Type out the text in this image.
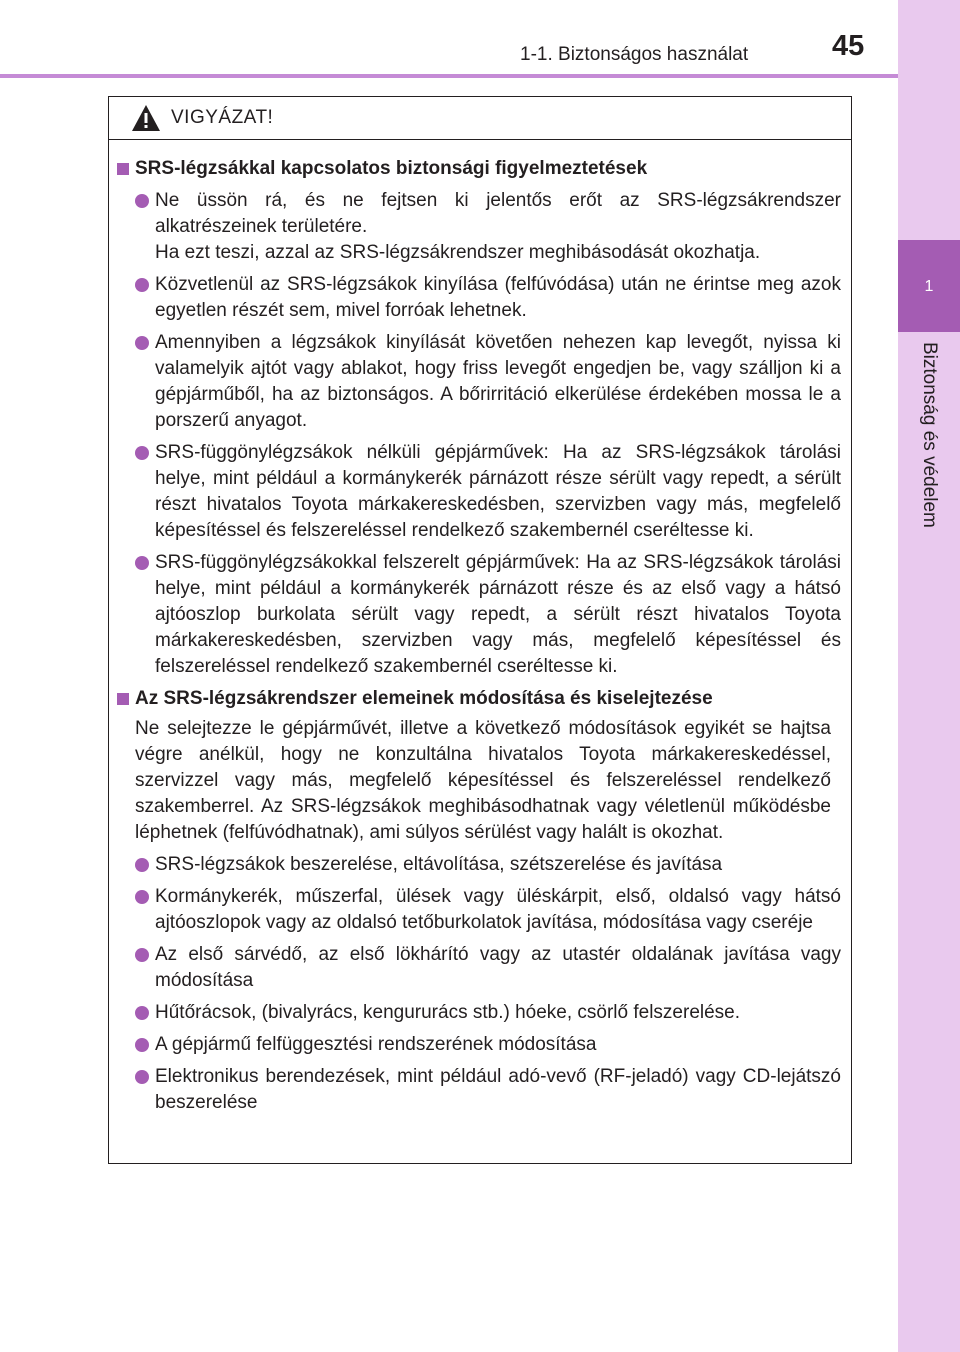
1-1. Biztonságos használat	45
1
Biztonság és védelem
VIGYÁZAT!
SRS-légzsákkal kapcsolatos biztonsági figyelmeztetések

Ne üssön rá, és ne fejtsen ki jelentős erőt az SRS-légzsákrendszer alkatrészeinek területére.

Ha ezt teszi, azzal az SRS-légzsákrendszer meghibásodását okozhatja.

Közvetlenül az SRS-légzsákok kinyílása (felfúvódása) után ne érintse meg azok egyetlen részét sem, mivel forróak lehetnek.

Amennyiben a légzsákok kinyílását követően nehezen kap levegőt, nyissa ki valamelyik ajtót vagy ablakot, hogy friss levegőt engedjen be, vagy szálljon ki a gépjárműből, ha az biztonságos. A bőrirritáció elkerülése érdekében mossa le a porszerű anyagot.

SRS-függönylégzsákok nélküli gépjárművek: Ha az SRS-légzsákok tárolási helye, mint például a kormánykerék párnázott része sérült vagy repedt, a sérült részt hivatalos Toyota márkakereskedésben, szervizben vagy más, megfelelő képesítéssel és felszereléssel rendelkező szakembernél cseréltesse ki.

SRS-függönylégzsákokkal felszerelt gépjárművek: Ha az SRS-légzsákok tárolási helye, mint például a kormánykerék párnázott része és az első vagy a hátsó ajtóoszlop burkolata sérült vagy repedt, a sérült részt hivatalos Toyota márkakereskedésben, szervizben vagy más, megfelelő képesítéssel és felszereléssel rendelkező szakembernél cseréltesse ki.

Az SRS-légzsákrendszer elemeinek módosítása és kiselejtezése

Ne selejtezze le gépjárművét, illetve a következő módosítások egyikét se hajtsa végre anélkül, hogy ne konzultálna hivatalos Toyota márkakereskedéssel, szervizzel vagy más, megfelelő képesítéssel és felszereléssel rendelkező szakemberrel. Az SRS-légzsákok meghibásodhatnak vagy véletlenül működésbe léphetnek (felfúvódhatnak), ami súlyos sérülést vagy halált is okozhat.

SRS-légzsákok beszerelése, eltávolítása, szétszerelése és javítása

Kormánykerék, műszerfal, ülések vagy üléskárpit, első, oldalsó vagy hátsó ajtóoszlopok vagy az oldalsó tetőburkolatok javítása, módosítása vagy cseréje

Az első sárvédő, az első lökhárító vagy az utastér oldalának javítása vagy módosítása

Hűtőrácsok, (bivalyrács, kengururács stb.) hóeke, csörlő felszerelése.

A gépjármű felfüggesztési rendszerének módosítása

Elektronikus berendezések, mint például adó-vevő (RF-jeladó) vagy CD-lejátszó beszerelése
